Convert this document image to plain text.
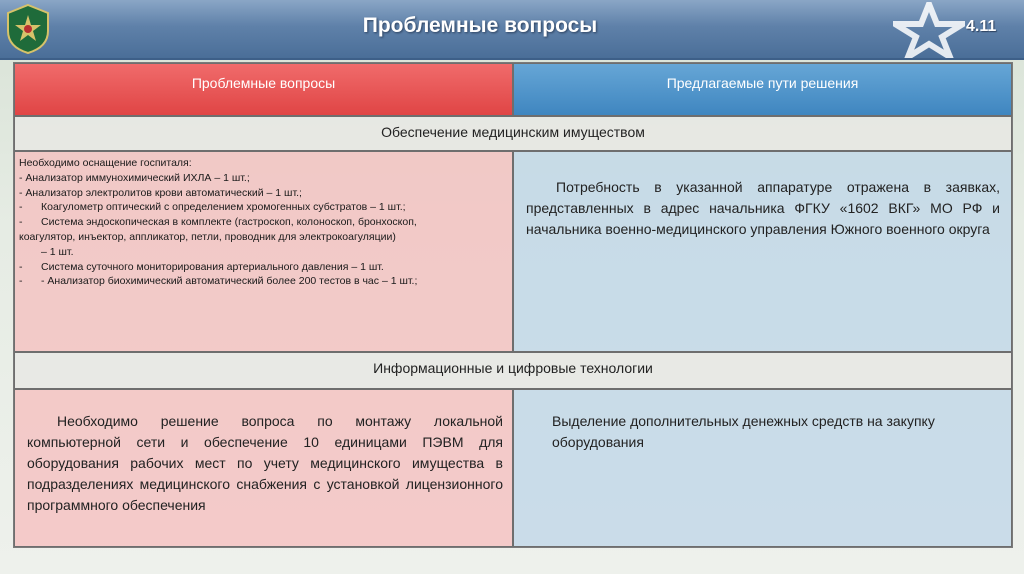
Проблемные вопросы	4.11
Проблемные вопросы	Предлагаемые пути решения
Обеспечение медицинским имуществом
Необходимо оснащение госпиталя:
- Анализатор иммунохимический ИХЛА – 1 шт.;
- Анализатор электролитов крови автоматический – 1 шт.;
- Коагулометр оптический с определением хромогенных субстратов – 1 шт.;
- Система эндоскопическая в комплекте (гастроскоп, колоноскоп, бронхоскоп,
коагулятор, инъектор, аппликатор, петли, проводник для электрокоагуляции)
– 1 шт.
- Система суточного мониторирования артериального давления – 1 шт.
- - Анализатор биохимический автоматический более 200 тестов в час – 1 шт.;
Потребность в указанной аппаратуре отражена в заявках, представленных в адрес начальника ФГКУ «1602 ВКГ» МО РФ и начальника военно-медицинского управления Южного военного округа
Информационные и цифровые технологии
Необходимо решение вопроса по монтажу локальной компьютерной сети и обеспечение 10 единицами ПЭВМ для оборудования рабочих мест по учету медицинского имущества в подразделениях медицинского снабжения с установкой лицензионного программного обеспечения
Выделение дополнительных денежных средств на закупку оборудования
